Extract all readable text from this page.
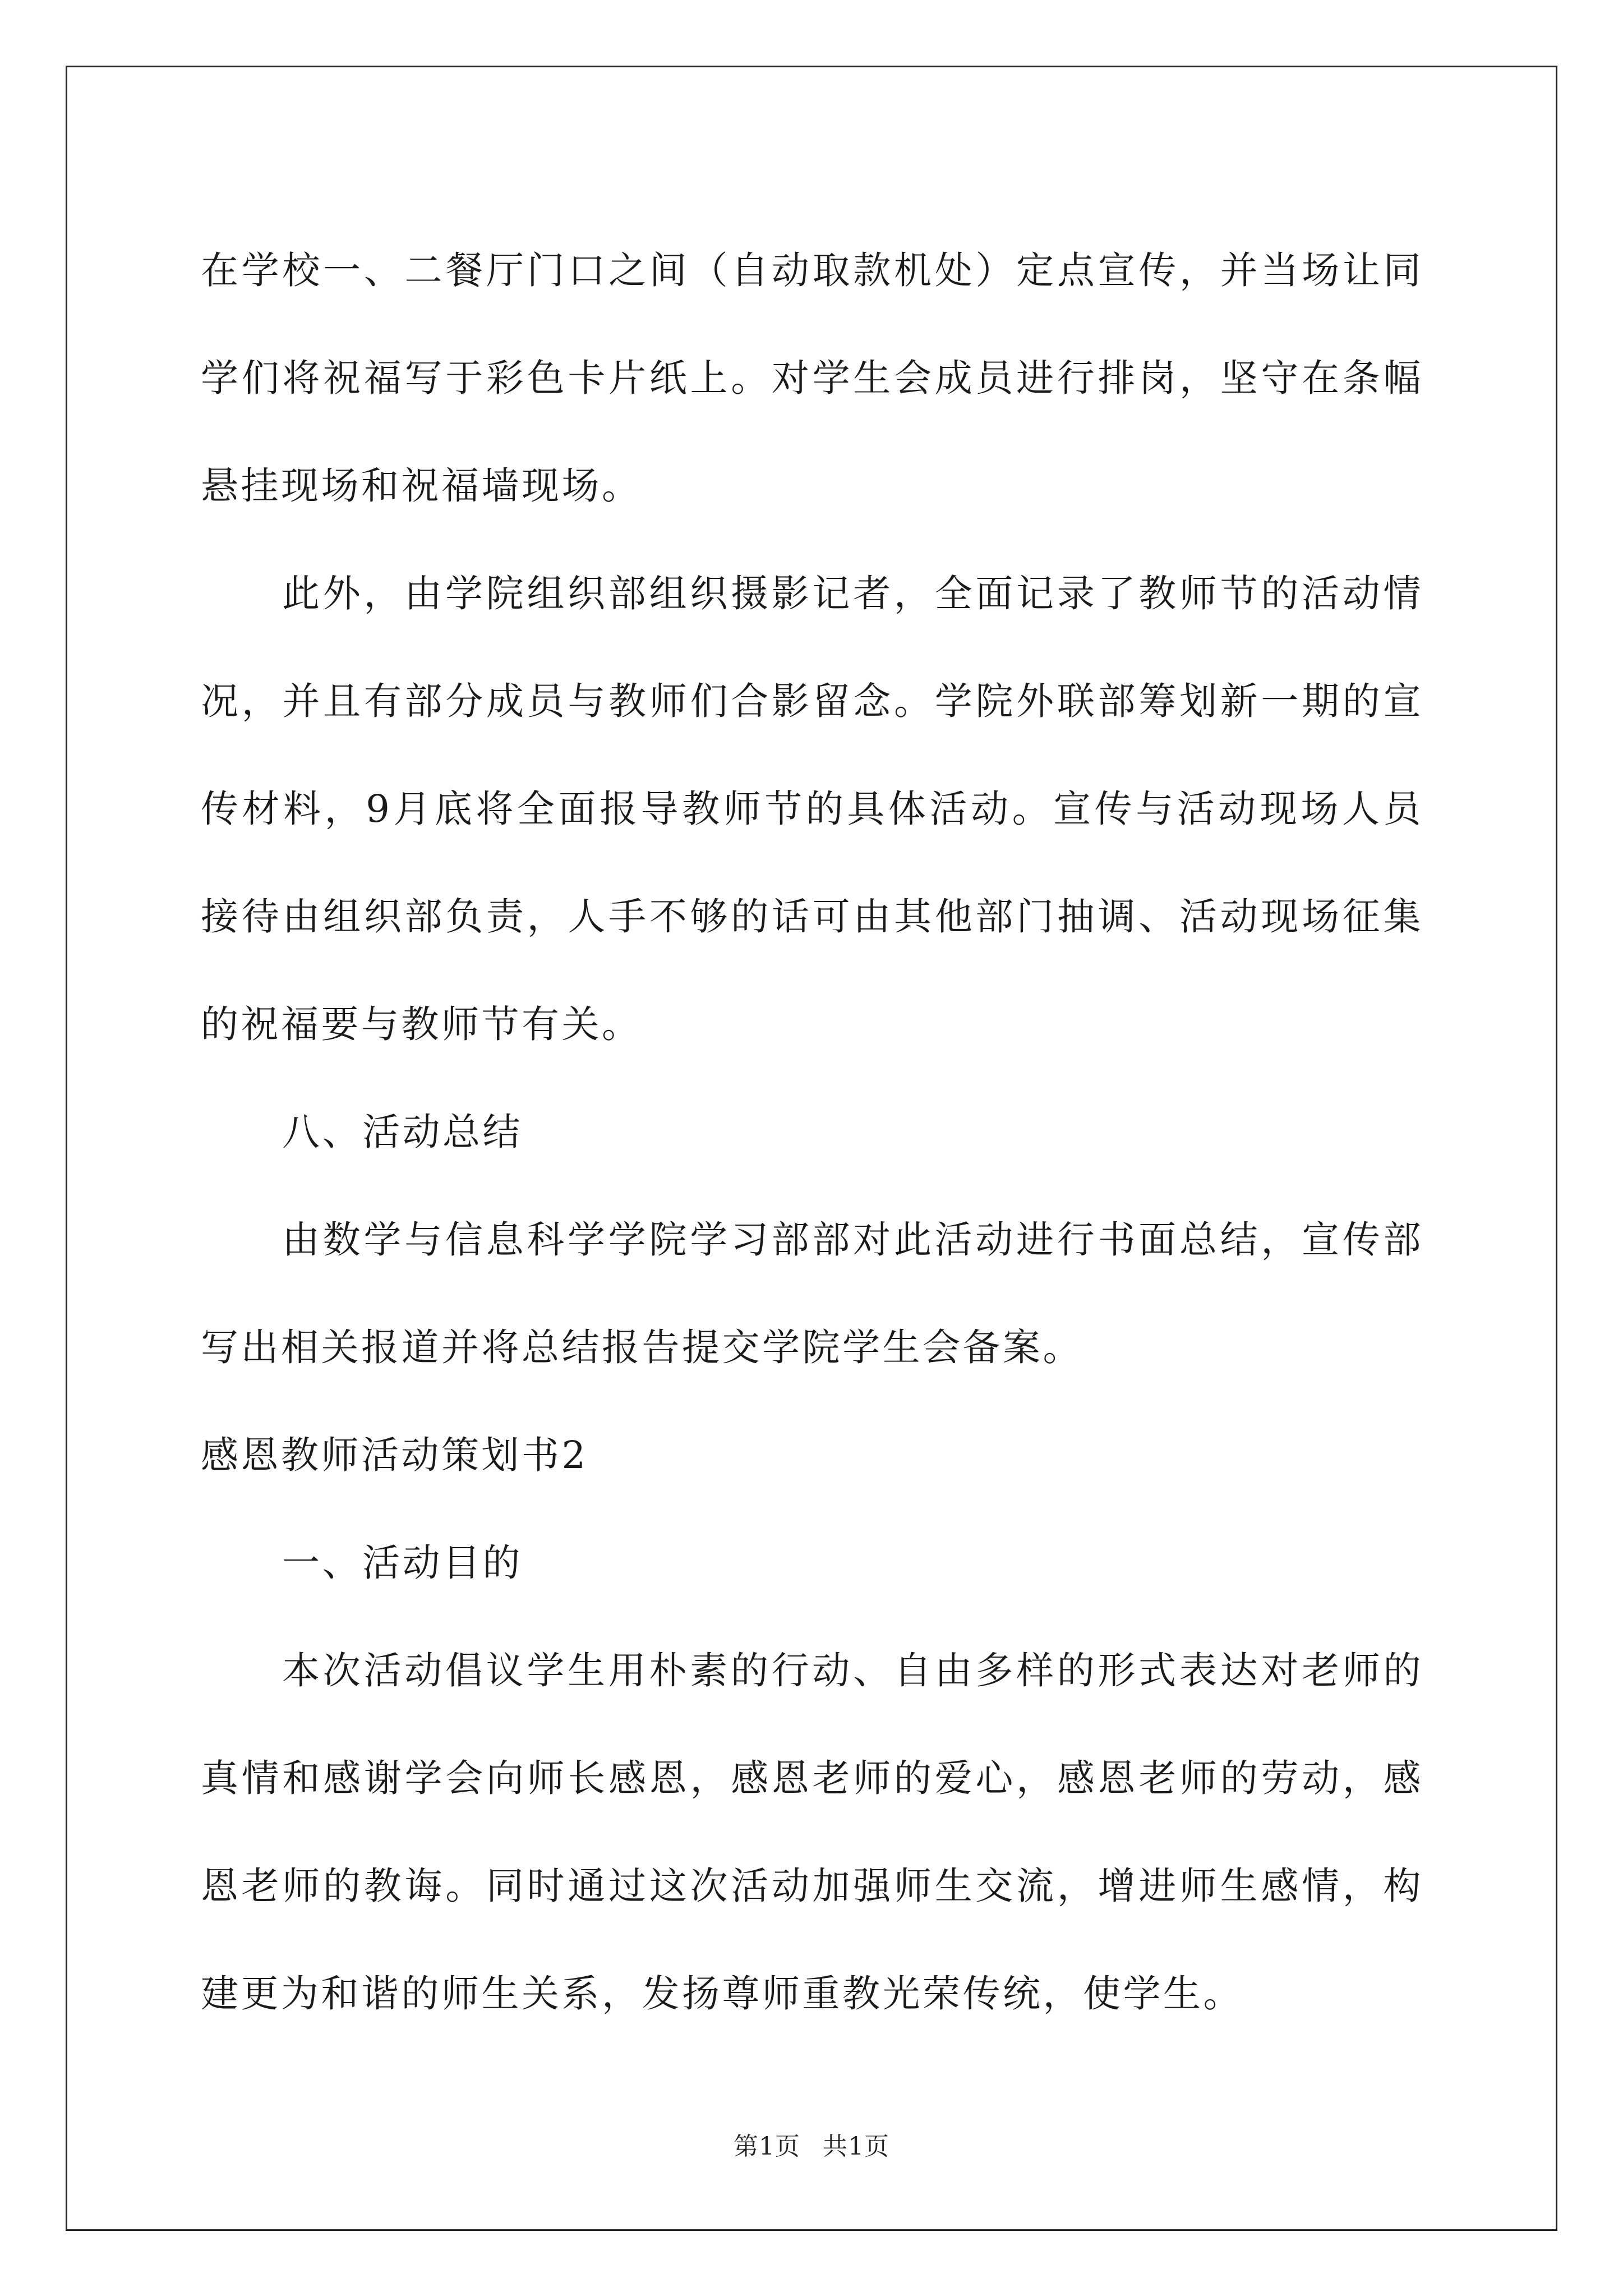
在学校一、二餐厅门口之间（自动取款机处）定点宣传，并当场让同学们将祝福写于彩色卡片纸上。对学生会成员进行排岗，坚守在条幅悬挂现场和祝福墙现场。

此外，由学院组织部组织摄影记者，全面记录了教师节的活动情况，并且有部分成员与教师们合影留念。学院外联部筹划新一期的宣传材料，9月底将全面报导教师节的具体活动。宣传与活动现场人员接待由组织部负责，人手不够的话可由其他部门抽调、活动现场征集的祝福要与教师节有关。

八、活动总结

由数学与信息科学学院学习部部对此活动进行书面总结，宣传部写出相关报道并将总结报告提交学院学生会备案。

感恩教师活动策划书2

一、活动目的

本次活动倡议学生用朴素的行动、自由多样的形式表达对老师的真情和感谢学会向师长感恩，感恩老师的爱心，感恩老师的劳动，感恩老师的教诲。同时通过这次活动加强师生交流，增进师生感情，构建更为和谐的师生关系，发扬尊师重教光荣传统，使学生。

第1页 共1页
